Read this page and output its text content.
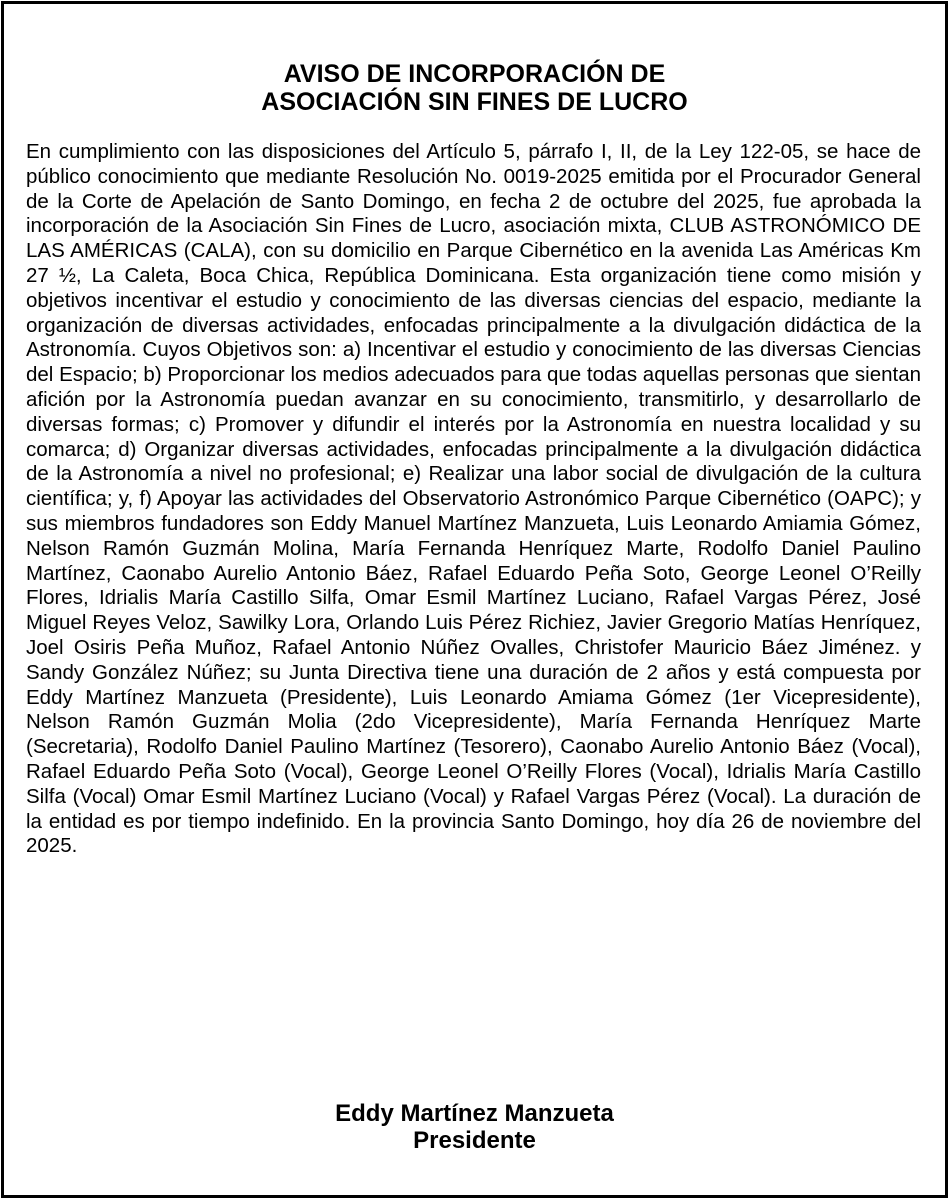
AVISO DE INCORPORACIÓN DE
ASOCIACIÓN SIN FINES DE LUCRO

En cumplimiento con las disposiciones del Artículo 5, párrafo I, II, de la Ley 122-05, se hace de público conocimiento que mediante Resolución No. 0019-2025 emitida por el Procurador General de la Corte de Apelación de Santo Domingo, en fecha 2 de octubre del 2025, fue aprobada la incorporación de la Asociación Sin Fines de Lucro, asociación mixta, CLUB ASTRONÓMICO DE LAS AMÉRICAS (CALA), con su domicilio en Parque Cibernético en la avenida Las Américas Km 27 ½, La Caleta, Boca Chica, República Dominicana. Esta organización tiene como misión y objetivos incentivar el estudio y conocimiento de las diversas ciencias del espacio, mediante la organización de diversas actividades, enfocadas principalmente a la divulgación didáctica de la Astronomía. Cuyos Objetivos son: a) Incentivar el estudio y conocimiento de las diversas Ciencias del Espacio; b) Proporcionar los medios adecuados para que todas aquellas personas que sientan afición por la Astronomía puedan avanzar en su conocimiento, transmitirlo, y desarrollarlo de diversas formas; c) Promover y difundir el interés por la Astronomía en nuestra localidad y su comarca; d) Organizar diversas actividades, enfocadas principalmente a la divulgación didáctica de la Astronomía a nivel no profesional; e) Realizar una labor social de divulgación de la cultura científica; y, f) Apoyar las actividades del Observatorio Astronómico Parque Cibernético (OAPC); y sus miembros fundadores son Eddy Manuel Martínez Manzueta, Luis Leonardo Amiamia Gómez, Nelson Ramón Guzmán Molina, María Fernanda Henríquez Marte, Rodolfo Daniel Paulino Martínez, Caonabo Aurelio Antonio Báez, Rafael Eduardo Peña Soto, George Leonel O’Reilly Flores, Idrialis María Castillo Silfa, Omar Esmil Martínez Luciano, Rafael Vargas Pérez, José Miguel Reyes Veloz, Sawilky Lora, Orlando Luis Pérez Richiez, Javier Gregorio Matías Henríquez, Joel Osiris Peña Muñoz, Rafael Antonio Núñez Ovalles, Christofer Mauricio Báez Jiménez. y Sandy González Núñez; su Junta Directiva tiene una duración de 2 años y está compuesta por Eddy Martínez Manzueta (Presidente), Luis Leonardo Amiama Gómez (1er Vicepresidente), Nelson Ramón Guzmán Molia (2do Vicepresidente), María Fernanda Henríquez Marte (Secretaria), Rodolfo Daniel Paulino Martínez (Tesorero), Caonabo Aurelio Antonio Báez (Vocal), Rafael Eduardo Peña Soto (Vocal), George Leonel O’Reilly Flores (Vocal), Idrialis María Castillo Silfa (Vocal) Omar Esmil Martínez Luciano (Vocal) y Rafael Vargas Pérez (Vocal). La duración de la entidad es por tiempo indefinido. En la provincia Santo Domingo, hoy día 26 de noviembre del 2025.

Eddy Martínez Manzueta
Presidente
